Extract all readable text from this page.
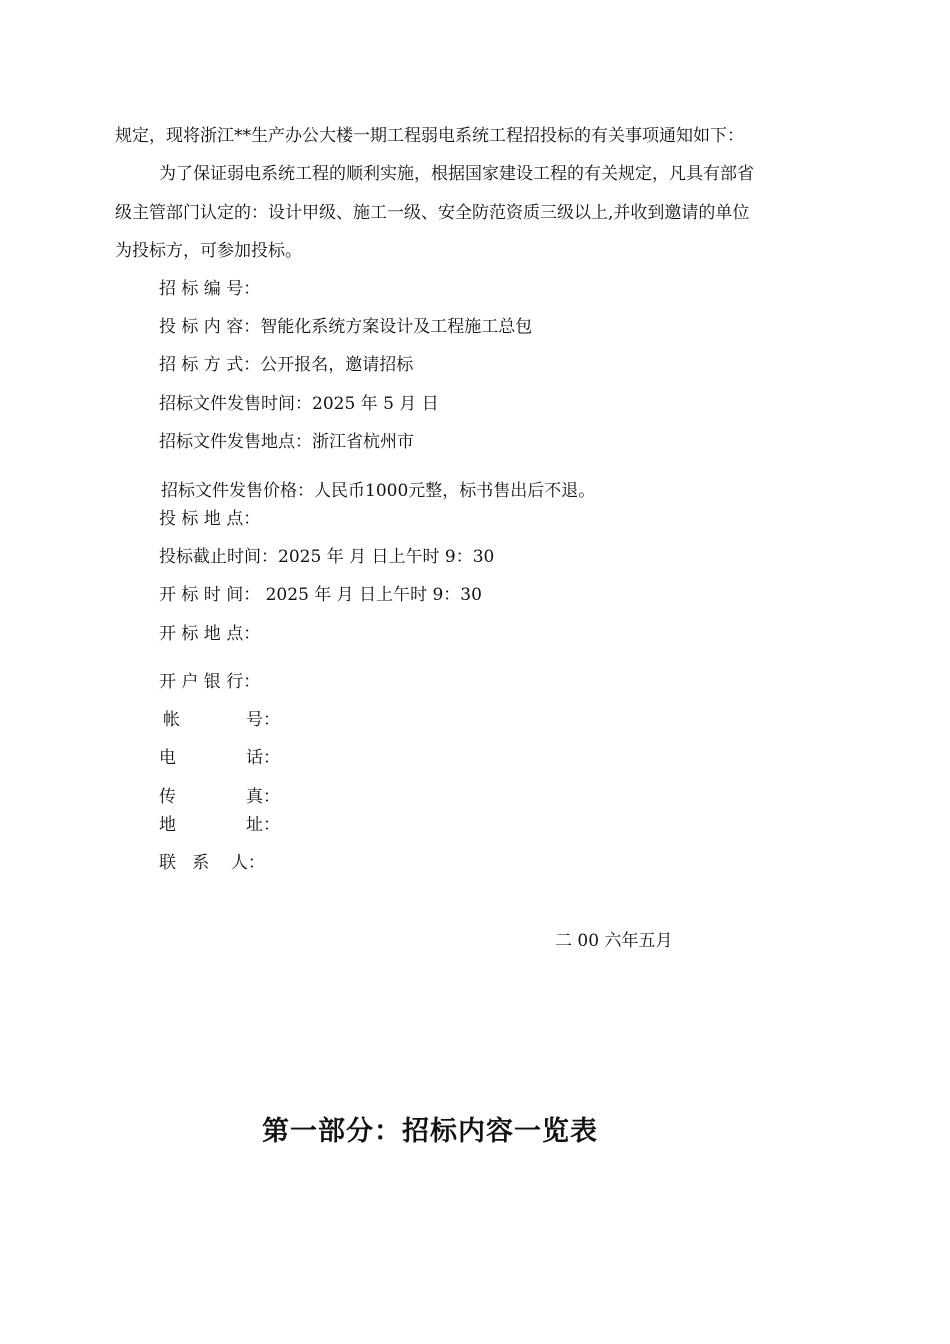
规定，现将浙江**生产办公大楼一期工程弱电系统工程招投标的有关事项通知如下：
为了保证弱电系统工程的顺利实施，根据国家建设工程的有关规定，凡具有部省
级主管部门认定的：设计甲级、施工一级、安全防范资质三级以上,并收到邀请的单位
为投标方，可参加投标。
招 标 编 号：
投 标 内 容：智能化系统方案设计及工程施工总包
招 标 方 式：公开报名，邀请招标
招标文件发售时间：2025 年 5 月 日
招标文件发售地点：浙江省杭州市
招标文件发售价格：人民币1000元整，标书售出后不退。
投 标 地 点：
投标截止时间：2025 年 月 日上午时 9：30
开 标 时 间： 2025 年 月 日上午时 9：30
开 标 地 点：
开 户 银 行：
帐	号：
电	话：
传	真：
地	址：
联   系    人：
二 00 六年五月
第一部分：招标内容一览表
